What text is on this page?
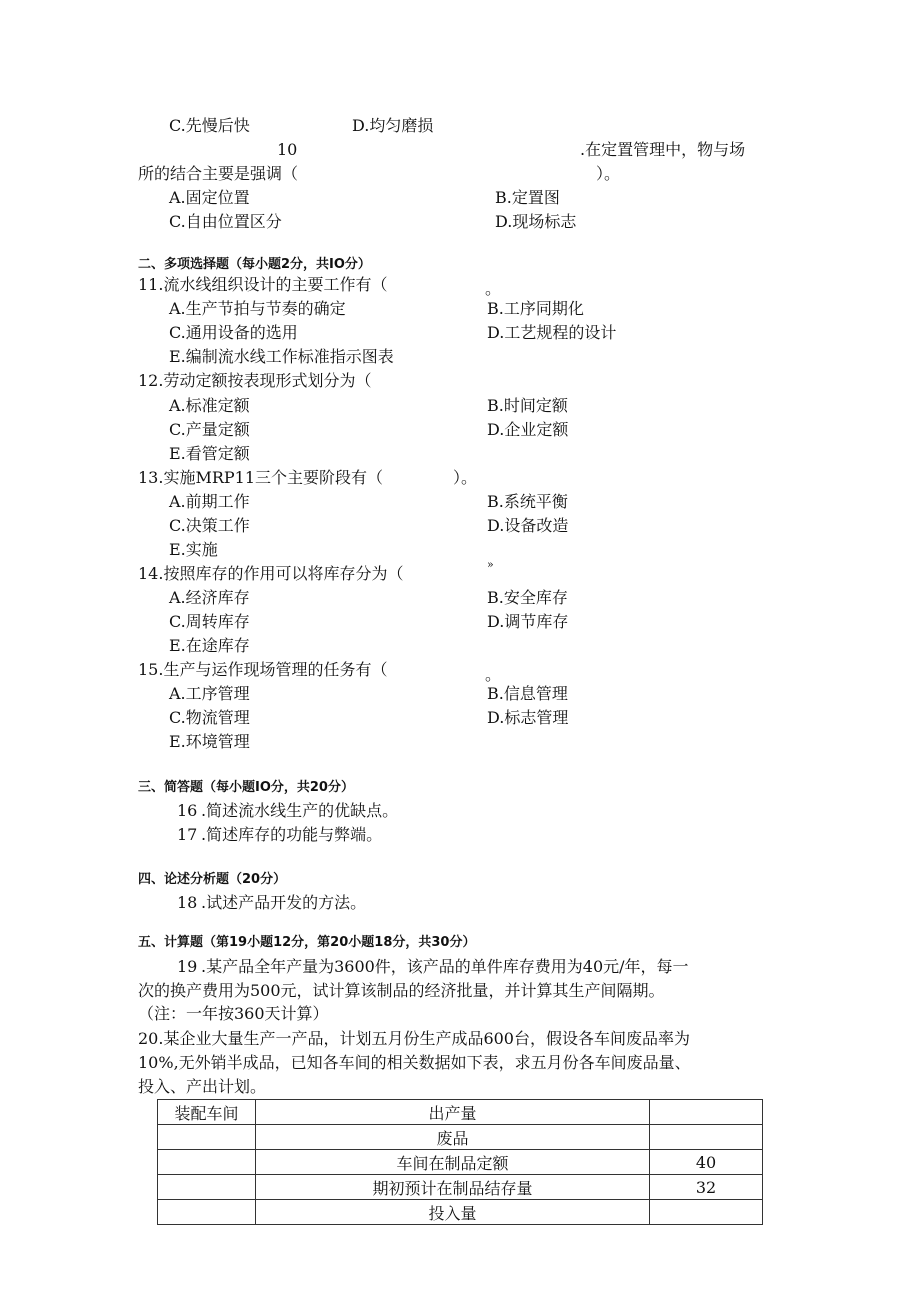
C.先慢后快	D.均匀磨损
10	.在定置管理中，物与场
所的结合主要是强调（	）。
A.固定位置	B.定置图
C.自由位置区分	D.现场标志
二、多项选择题（每小题2分，共IO分）
11.流水线组织设计的主要工作有（	。
A.生产节拍与节奏的确定	B.工序同期化
C.通用设备的选用	D.工艺规程的设计
E.编制流水线工作标准指示图表
12.劳动定额按表现形式划分为（
A.标准定额	B.时间定额
C.产量定额	D.企业定额
E.看管定额
13.实施MRP11三个主要阶段有（	）。
A.前期工作	B.系统平衡
C.决策工作	D.设备改造
E.实施
»
14.按照库存的作用可以将库存分为（
A.经济库存	B.安全库存
C.周转库存	D.调节库存
E.在途库存
15.生产与运作现场管理的任务有（	。
A.工序管理	B.信息管理
C.物流管理	D.标志管理
E.环境管理
三、简答题（每小题IO分，共20分）
16 .简述流水线生产的优缺点。
17 .简述库存的功能与弊端。
四、论述分析题（20分）
18 .试述产品开发的方法。
五、计算题（第19小题12分，第20小题18分，共30分）
19 .某产品全年产量为3600件，该产品的单件库存费用为40元/年，每一
次的换产费用为500元，试计算该制品的经济批量，并计算其生产间隔期。
（注：一年按360天计算）
20.某企业大量生产一产品，计划五月份生产成品600台，假设各车间废品率为
10%,无外销半成品，已知各车间的相关数据如下表，求五月份各车间废品量、
投入、产出计划。
装配车间	出产量	
	废品	
	车间在制品定额	40
	期初预计在制品结存量	32
	投入量	
